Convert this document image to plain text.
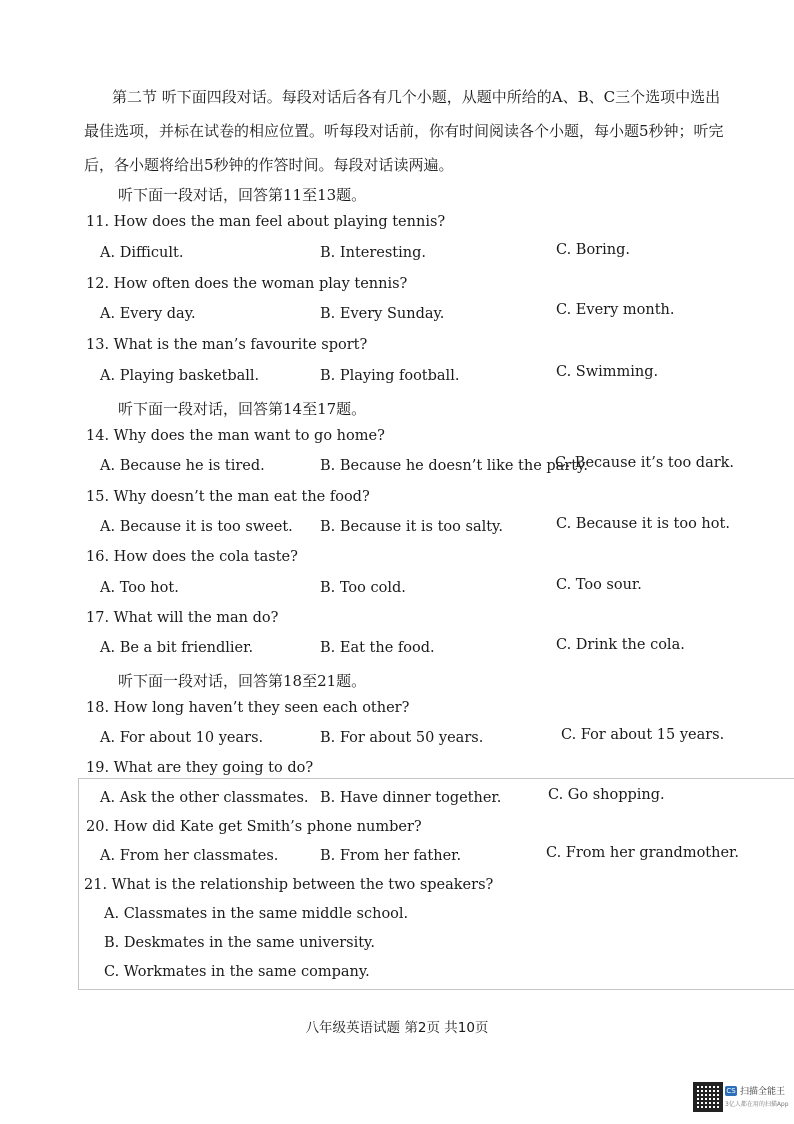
第二节 听下面四段对话。每段对话后各有几个小题，从题中所给的A、B、C三个选项中选出最佳选项，并标在试卷的相应位置。听每段对话前，你有时间阅读各个小题，每小题5秒钟；听完后，各小题将给出5秒钟的作答时间。每段对话读两遍。

听下面一段对话，回答第11至13题。
11. How does the man feel about playing tennis?
A. Difficult.	B. Interesting.	C. Boring.
12. How often does the woman play tennis?
A. Every day.	B. Every Sunday.	C. Every month.
13. What is the man’s favourite sport?
A. Playing basketball.	B. Playing football.	C. Swimming.
听下面一段对话，回答第14至17题。
14. Why does the man want to go home?
A. Because he is tired.	B. Because he doesn’t like the party.
C. Because it’s too dark.
15. Why doesn’t the man eat the food?
A. Because it is too sweet. B. Because it is too salty.	C. Because it is too hot.
16. How does the cola taste?
A. Too hot.	B. Too cold.	C. Too sour.
17. What will the man do?
A. Be a bit friendlier.	B. Eat the food.	C. Drink the cola.
听下面一段对话，回答第18至21题。
18. How long haven’t they seen each other?
A. For about 10 years.	B. For about 50 years.	C. For about 15 years.
19. What are they going to do?
A. Ask the other classmates. B. Have dinner together.	C. Go shopping.
20. How did Kate get Smith’s phone number?
A. From her classmates.	B. From her father.	C. From her grandmother.
21. What is the relationship between the two speakers?
A. Classmates in the same middle school.
B. Deskmates in the same university.
C. Workmates in the same company.
八年级英语试题 第2页 共10页
CS 扫描全能王
3亿人都在用的扫描App
